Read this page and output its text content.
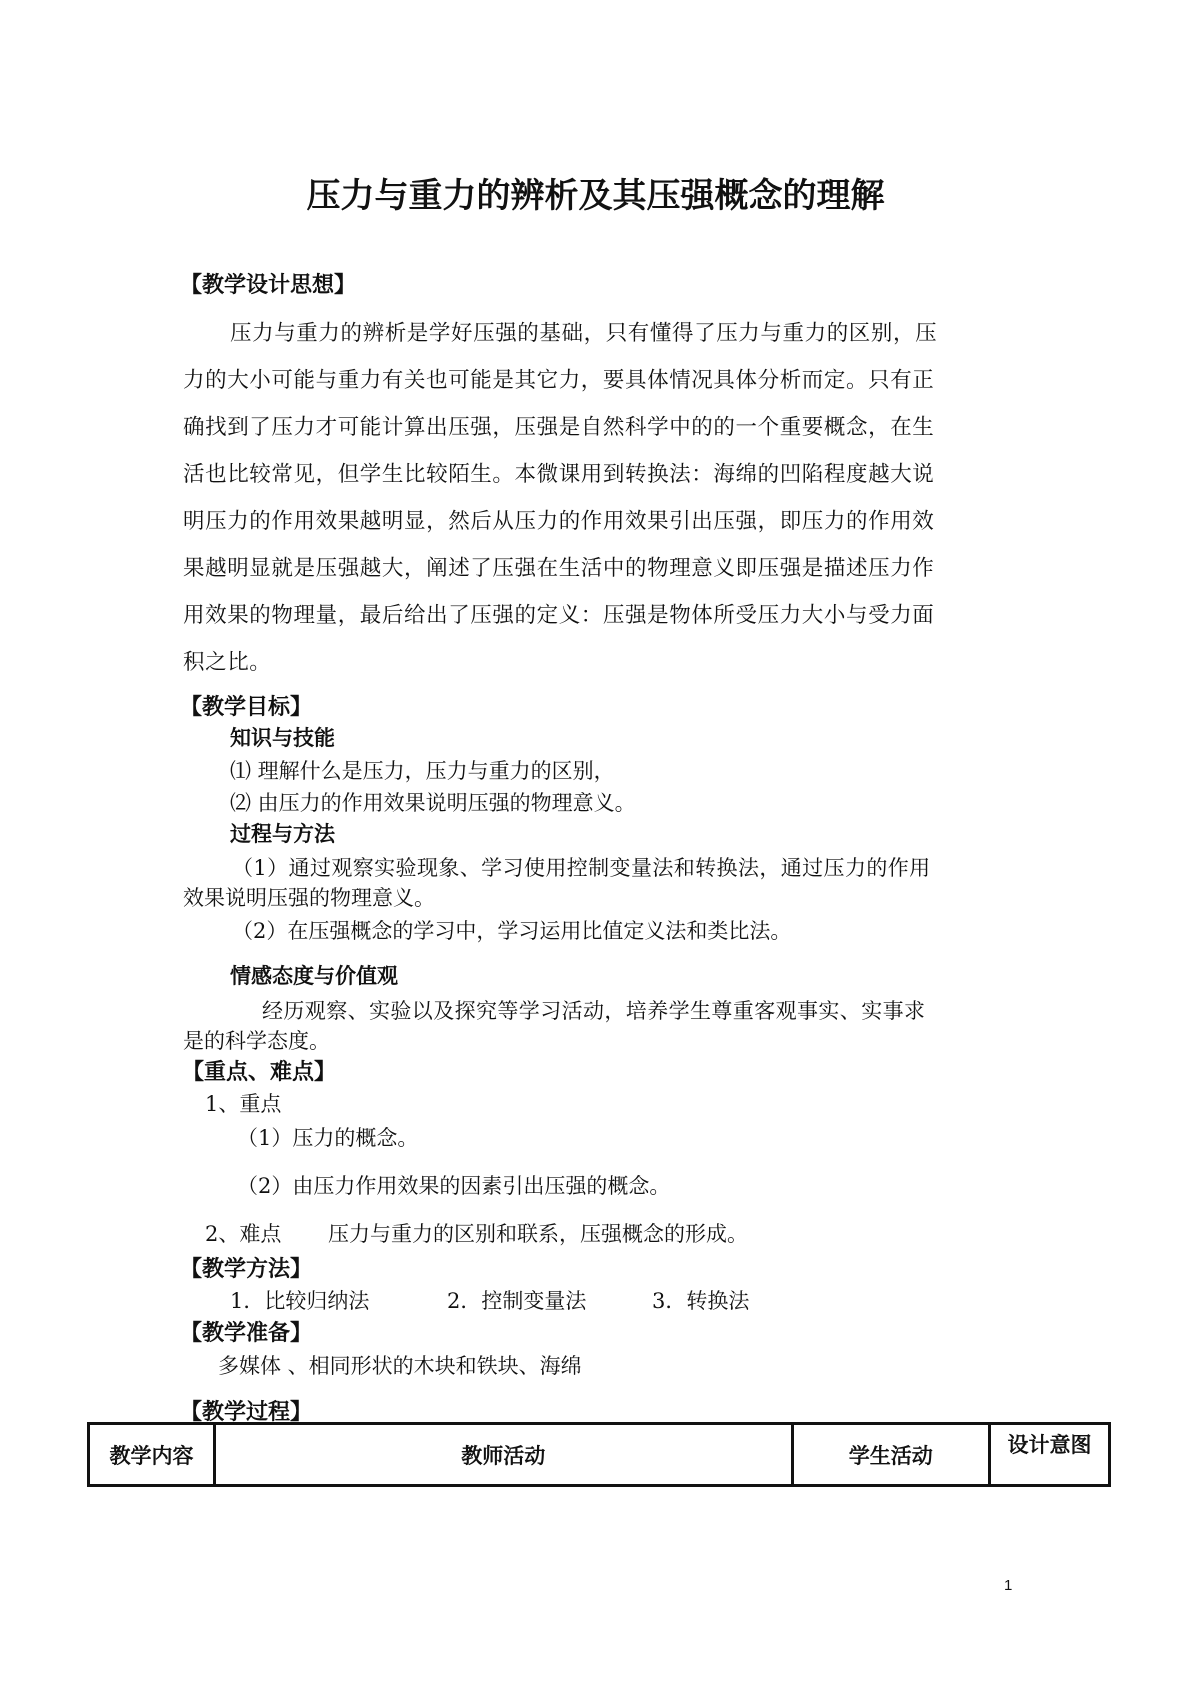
压力与重力的辨析及其压强概念的理解
【教学设计思想】
压力与重力的辨析是学好压强的基础，只有懂得了压力与重力的区别，压
力的大小可能与重力有关也可能是其它力，要具体情况具体分析而定。只有正
确找到了压力才可能计算出压强，压强是自然科学中的的一个重要概念，在生
活也比较常见，但学生比较陌生。本微课用到转换法：海绵的凹陷程度越大说
明压力的作用效果越明显，然后从压力的作用效果引出压强，即压力的作用效
果越明显就是压强越大，阐述了压强在生活中的物理意义即压强是描述压力作
用效果的物理量，最后给出了压强的定义：压强是物体所受压力大小与受力面
积之比。
【教学目标】
知识与技能
⑴ 理解什么是压力，压力与重力的区别，
⑵ 由压力的作用效果说明压强的物理意义。
过程与方法
（1）通过观察实验现象、学习使用控制变量法和转换法，通过压力的作用
效果说明压强的物理意义。
（2）在压强概念的学习中，学习运用比值定义法和类比法。
情感态度与价值观
经历观察、实验以及探究等学习活动，培养学生尊重客观事实、实事求
是的科学态度。
【重点、难点】
1、重点
（1）压力的概念。
（2）由压力作用效果的因素引出压强的概念。
2、难点 压力与重力的区别和联系，压强概念的形成。
【教学方法】
1．比较归纳法	2．控制变量法	3．转换法
【教学准备】
多媒体 、相同形状的木块和铁块、海绵
【教学过程】
教学内容	教师活动	学生活动	设计意图
1
